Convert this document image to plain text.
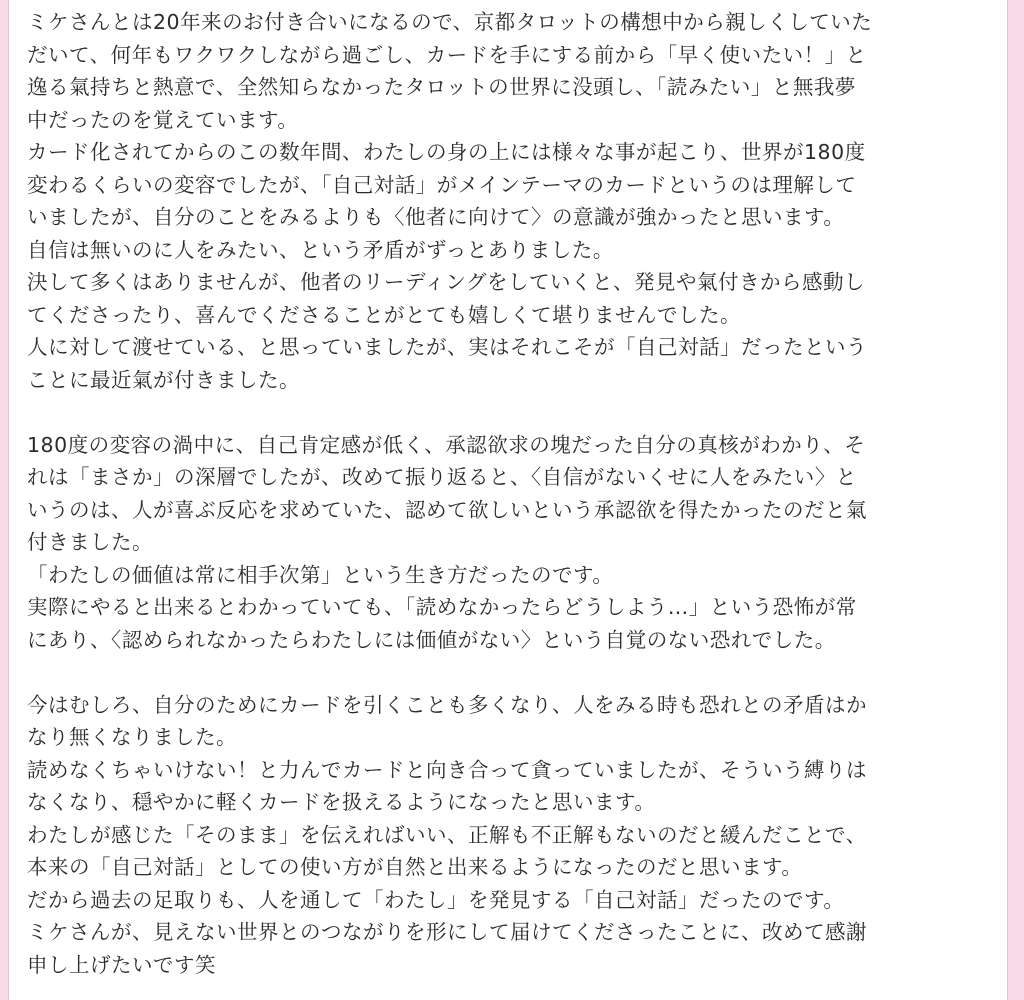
ミケさんとは20年来のお付き合いになるので、京都タロットの構想中から親しくしていた
だいて、何年もワクワクしながら過ごし、カードを手にする前から「早く使いたい！」と
逸る氣持ちと熱意で、全然知らなかったタロットの世界に没頭し、「読みたい」と無我夢
中だったのを覚えています。
カード化されてからのこの数年間、わたしの身の上には様々な事が起こり、世界が180度
変わるくらいの変容でしたが、「自己対話」がメインテーマのカードというのは理解して
いましたが、自分のことをみるよりも〈他者に向けて〉の意識が強かったと思います。
自信は無いのに人をみたい、という矛盾がずっとありました。
決して多くはありませんが、他者のリーディングをしていくと、発見や氣付きから感動し
てくださったり、喜んでくださることがとても嬉しくて堪りませんでした。
人に対して渡せている、と思っていましたが、実はそれこそが「自己対話」だったという
ことに最近氣が付きました。
180度の変容の渦中に、自己肯定感が低く、承認欲求の塊だった自分の真核がわかり、そ
れは「まさか」の深層でしたが、改めて振り返ると、〈自信がないくせに人をみたい〉と
いうのは、人が喜ぶ反応を求めていた、認めて欲しいという承認欲を得たかったのだと氣
付きました。
「わたしの価値は常に相手次第」という生き方だったのです。
実際にやると出来るとわかっていても、「読めなかったらどうしよう…」という恐怖が常
にあり、〈認められなかったらわたしには価値がない〉という自覚のない恐れでした。
今はむしろ、自分のためにカードを引くことも多くなり、人をみる時も恐れとの矛盾はか
なり無くなりました。
読めなくちゃいけない！と力んでカードと向き合って貪っていましたが、そういう縛りは
なくなり、穏やかに軽くカードを扱えるようになったと思います。
わたしが感じた「そのまま」を伝えればいい、正解も不正解もないのだと緩んだことで、
本来の「自己対話」としての使い方が自然と出来るようになったのだと思います。
だから過去の足取りも、人を通して「わたし」を発見する「自己対話」だったのです。
ミケさんが、見えない世界とのつながりを形にして届けてくださったことに、改めて感謝
申し上げたいです笑
